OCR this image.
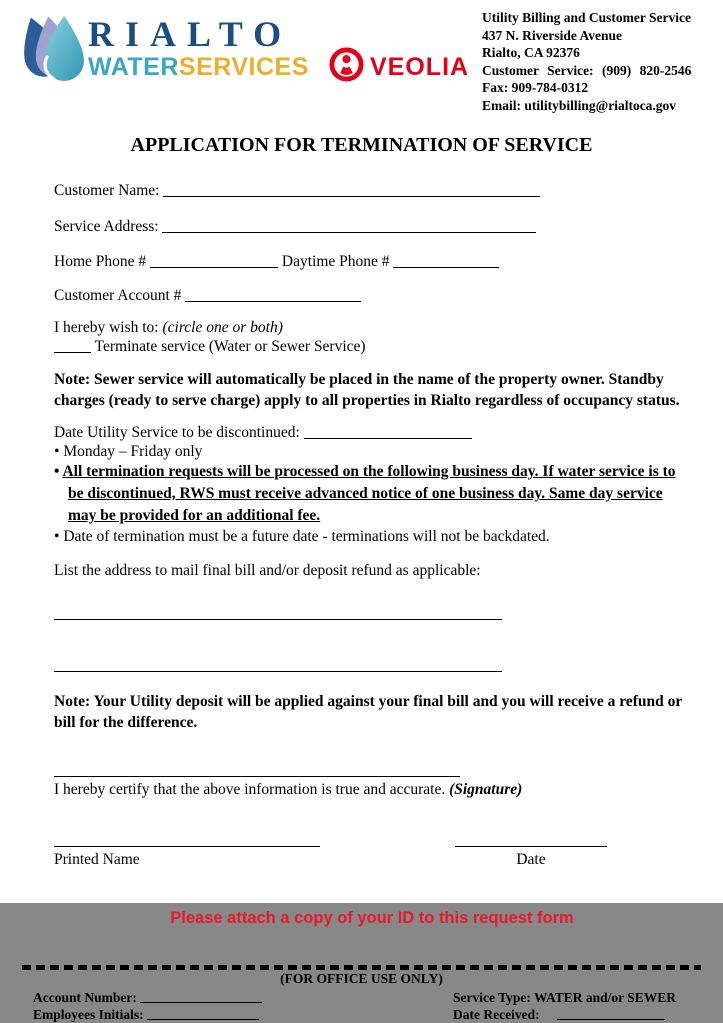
RIALTO
WATERSERVICES VEOLIA
Utility Billing and Customer Service
437 N. Riverside Avenue
Rialto, CA 92376
Customer Service: (909) 820-2546
Fax: 909-784-0312
Email: utilitybilling@rialtoca.gov
APPLICATION FOR TERMINATION OF SERVICE
Customer Name:
Service Address:
Home Phone #	Daytime Phone #
Customer Account #
I hereby wish to: (circle one or both)
Terminate service (Water or Sewer Service)
Note: Sewer service will automatically be placed in the name of the property owner. Standby charges (ready to serve charge) apply to all properties in Rialto regardless of occupancy status.
Date Utility Service to be discontinued:
• Monday – Friday only
• All termination requests will be processed on the following business day. If water service is to be discontinued, RWS must receive advanced notice of one business day. Same day service may be provided for an additional fee.
• Date of termination must be a future date - terminations will not be backdated.
List the address to mail final bill and/or deposit refund as applicable:
Note: Your Utility deposit will be applied against your final bill and you will receive a refund or bill for the difference.
I hereby certify that the above information is true and accurate. (Signature)
Printed Name	Date
Please attach a copy of your ID to this request form
(FOR OFFICE USE ONLY)
Account Number:
Employees Initials:
Service Type: WATER and/or SEWER
Date Received:
